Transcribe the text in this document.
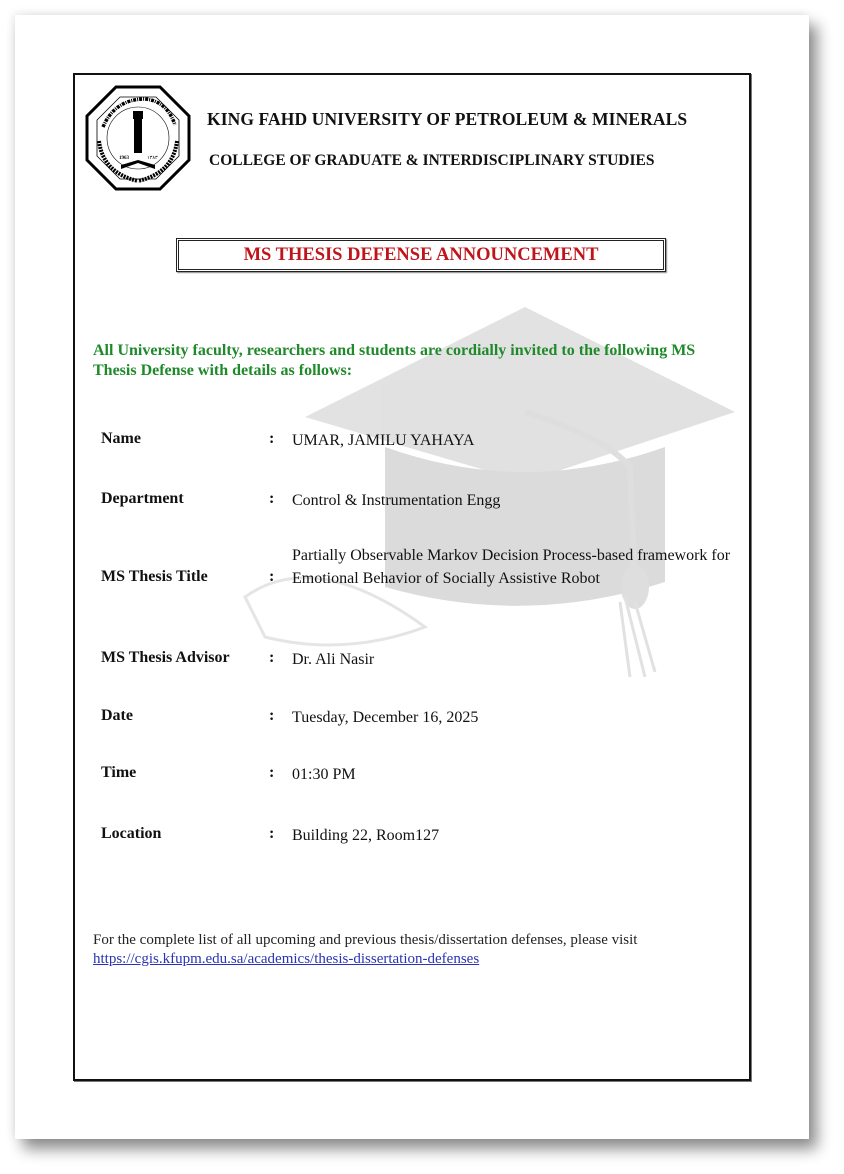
1963	١٣٨٣
KING FAHD UNIVERSITY OF PETROLEUM & MINERALS
COLLEGE OF GRADUATE & INTERDISCIPLINARY STUDIES
MS THESIS DEFENSE ANNOUNCEMENT
All University faculty, researchers and students are cordially invited to the following MS Thesis Defense with details as follows:
Name	: UMAR, JAMILU YAHAYA
Department	: Control & Instrumentation Engg
MS Thesis Title	:
Partially Observable Markov Decision Process-based framework for Emotional Behavior of Socially Assistive Robot
MS Thesis Advisor : Dr. Ali Nasir
Date	: Tuesday, December 16, 2025
Time	: 01:30 PM
Location	: Building 22, Room127
For the complete list of all upcoming and previous thesis/dissertation defenses, please visit
https://cgis.kfupm.edu.sa/academics/thesis-dissertation-defenses
